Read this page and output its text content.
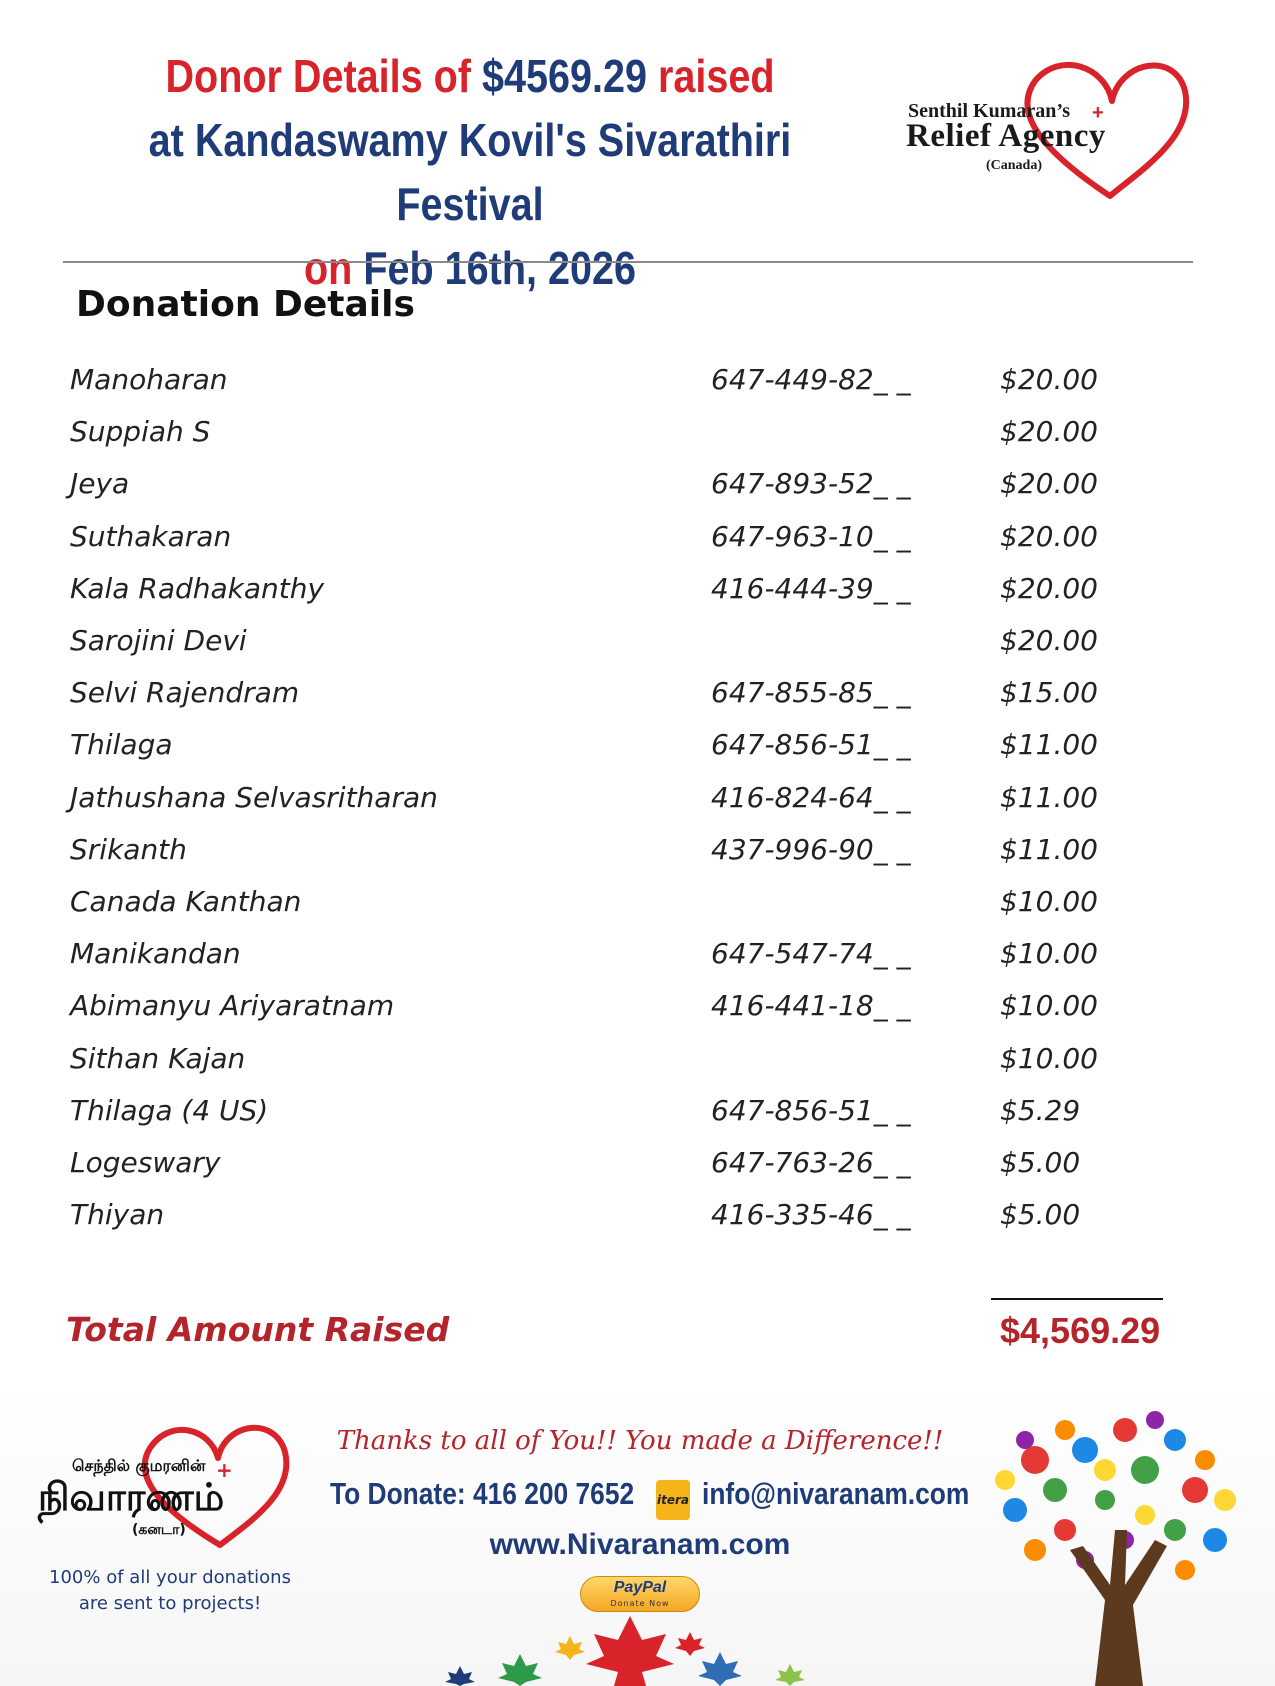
Donor Details of $4569.29 raised
at Kandaswamy Kovil's Sivarathiri Festival
on Feb 16th, 2026
Senthil Kumaran’s +
Relief Agency
(Canada)
Donation Details
Manoharan	647-449-82_ _	$20.00
Suppiah S	$20.00
Jeya	647-893-52_ _	$20.00
Suthakaran	647-963-10_ _	$20.00
Kala Radhakanthy	416-444-39_ _	$20.00
Sarojini Devi	$20.00
Selvi Rajendram	647-855-85_ _	$15.00
Thilaga	647-856-51_ _	$11.00
Jathushana Selvasritharan	416-824-64_ _	$11.00
Srikanth	437-996-90_ _	$11.00
Canada Kanthan	$10.00
Manikandan	647-547-74_ _	$10.00
Abimanyu Ariyaratnam	416-441-18_ _	$10.00
Sithan Kajan	$10.00
Thilaga (4 US)	647-856-51_ _	$5.29
Logeswary	647-763-26_ _	$5.00
Thiyan	416-335-46_ _	$5.00
Total Amount Raised	$4,569.29
செந்தில் குமரனின் +
நிவாரணம்
(கனடா)
100% of all your donations
are sent to projects!
Thanks to all of You!! You made a Difference!!
To Donate: 416 200 7652 itera info@nivaranam.com
www.Nivaranam.com
PayPal
Donate Now
